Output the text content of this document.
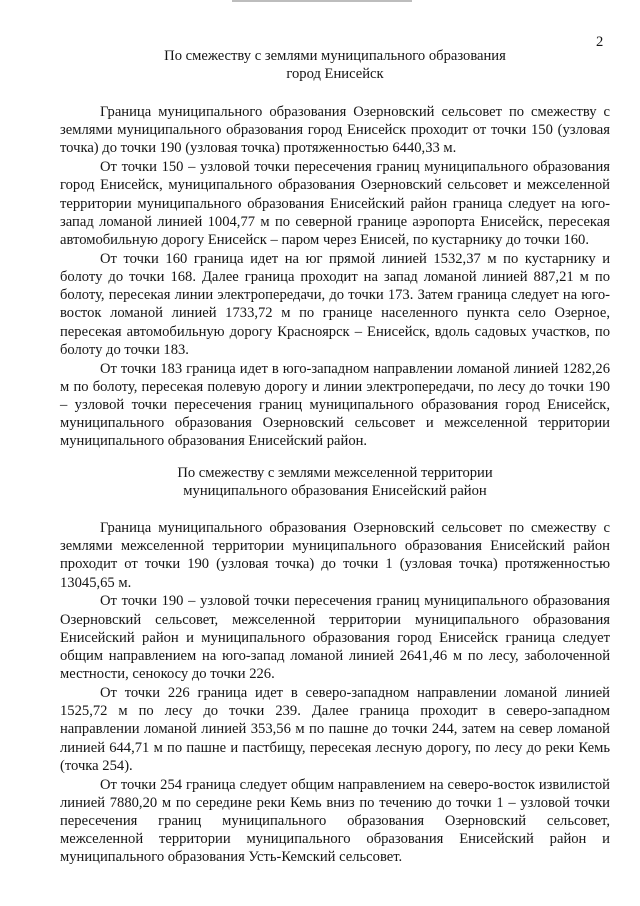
2
По смежеству с землями муниципального образования
город Енисейск

Граница муниципального образования Озерновский сельсовет по смежеству с землями муниципального образования город Енисейск проходит от точки 150 (узловая точка) до точки 190 (узловая точка) протяженностью 6440,33 м.

От точки 150 – узловой точки пересечения границ муниципального образования город Енисейск, муниципального образования Озерновский сельсовет и межселенной территории муниципального образования Енисейский район граница следует на юго-запад ломаной линией 1004,77 м по северной границе аэропорта Енисейск, пересекая автомобильную дорогу Енисейск – паром через Енисей, по кустарнику до точки 160.

От точки 160 граница идет на юг прямой линией 1532,37 м по кустарнику и болоту до точки 168. Далее граница проходит на запад ломаной линией 887,21 м по болоту, пересекая линии электропередачи, до точки 173. Затем граница следует на юго-восток ломаной линией 1733,72 м по границе населенного пункта село Озерное, пересекая автомобильную дорогу Красноярск – Енисейск, вдоль садовых участков, по болоту до точки 183.

От точки 183 граница идет в юго-западном направлении ломаной линией 1282,26 м по болоту, пересекая полевую дорогу и линии электропередачи, по лесу до точки 190 – узловой точки пересечения границ муниципального образования город Енисейск, муниципального образования Озерновский сельсовет и межселенной территории муниципального образования Енисейский район.

По смежеству с землями межселенной территории
муниципального образования Енисейский район

Граница муниципального образования Озерновский сельсовет по смежеству с землями межселенной территории муниципального образования Енисейский район проходит от точки 190 (узловая точка) до точки 1 (узловая точка) протяженностью 13045,65 м.

От точки 190 – узловой точки пересечения границ муниципального образования Озерновский сельсовет, межселенной территории муниципального образования Енисейский район и муниципального образования город Енисейск граница следует общим направлением на юго-запад ломаной линией 2641,46 м по лесу, заболоченной местности, сенокосу до точки 226.

От точки 226 граница идет в северо-западном направлении ломаной линией 1525,72 м по лесу до точки 239. Далее граница проходит в северо-западном направлении ломаной линией 353,56 м по пашне до точки 244, затем на север ломаной линией 644,71 м по пашне и пастбищу, пересекая лесную дорогу, по лесу до реки Кемь (точка 254).

От точки 254 граница следует общим направлением на северо-восток извилистой линией 7880,20 м по середине реки Кемь вниз по течению до точки 1 – узловой точки пересечения границ муниципального образования Озерновский сельсовет, межселенной территории муниципального образования Енисейский район и муниципального образования Усть-Кемский сельсовет.
